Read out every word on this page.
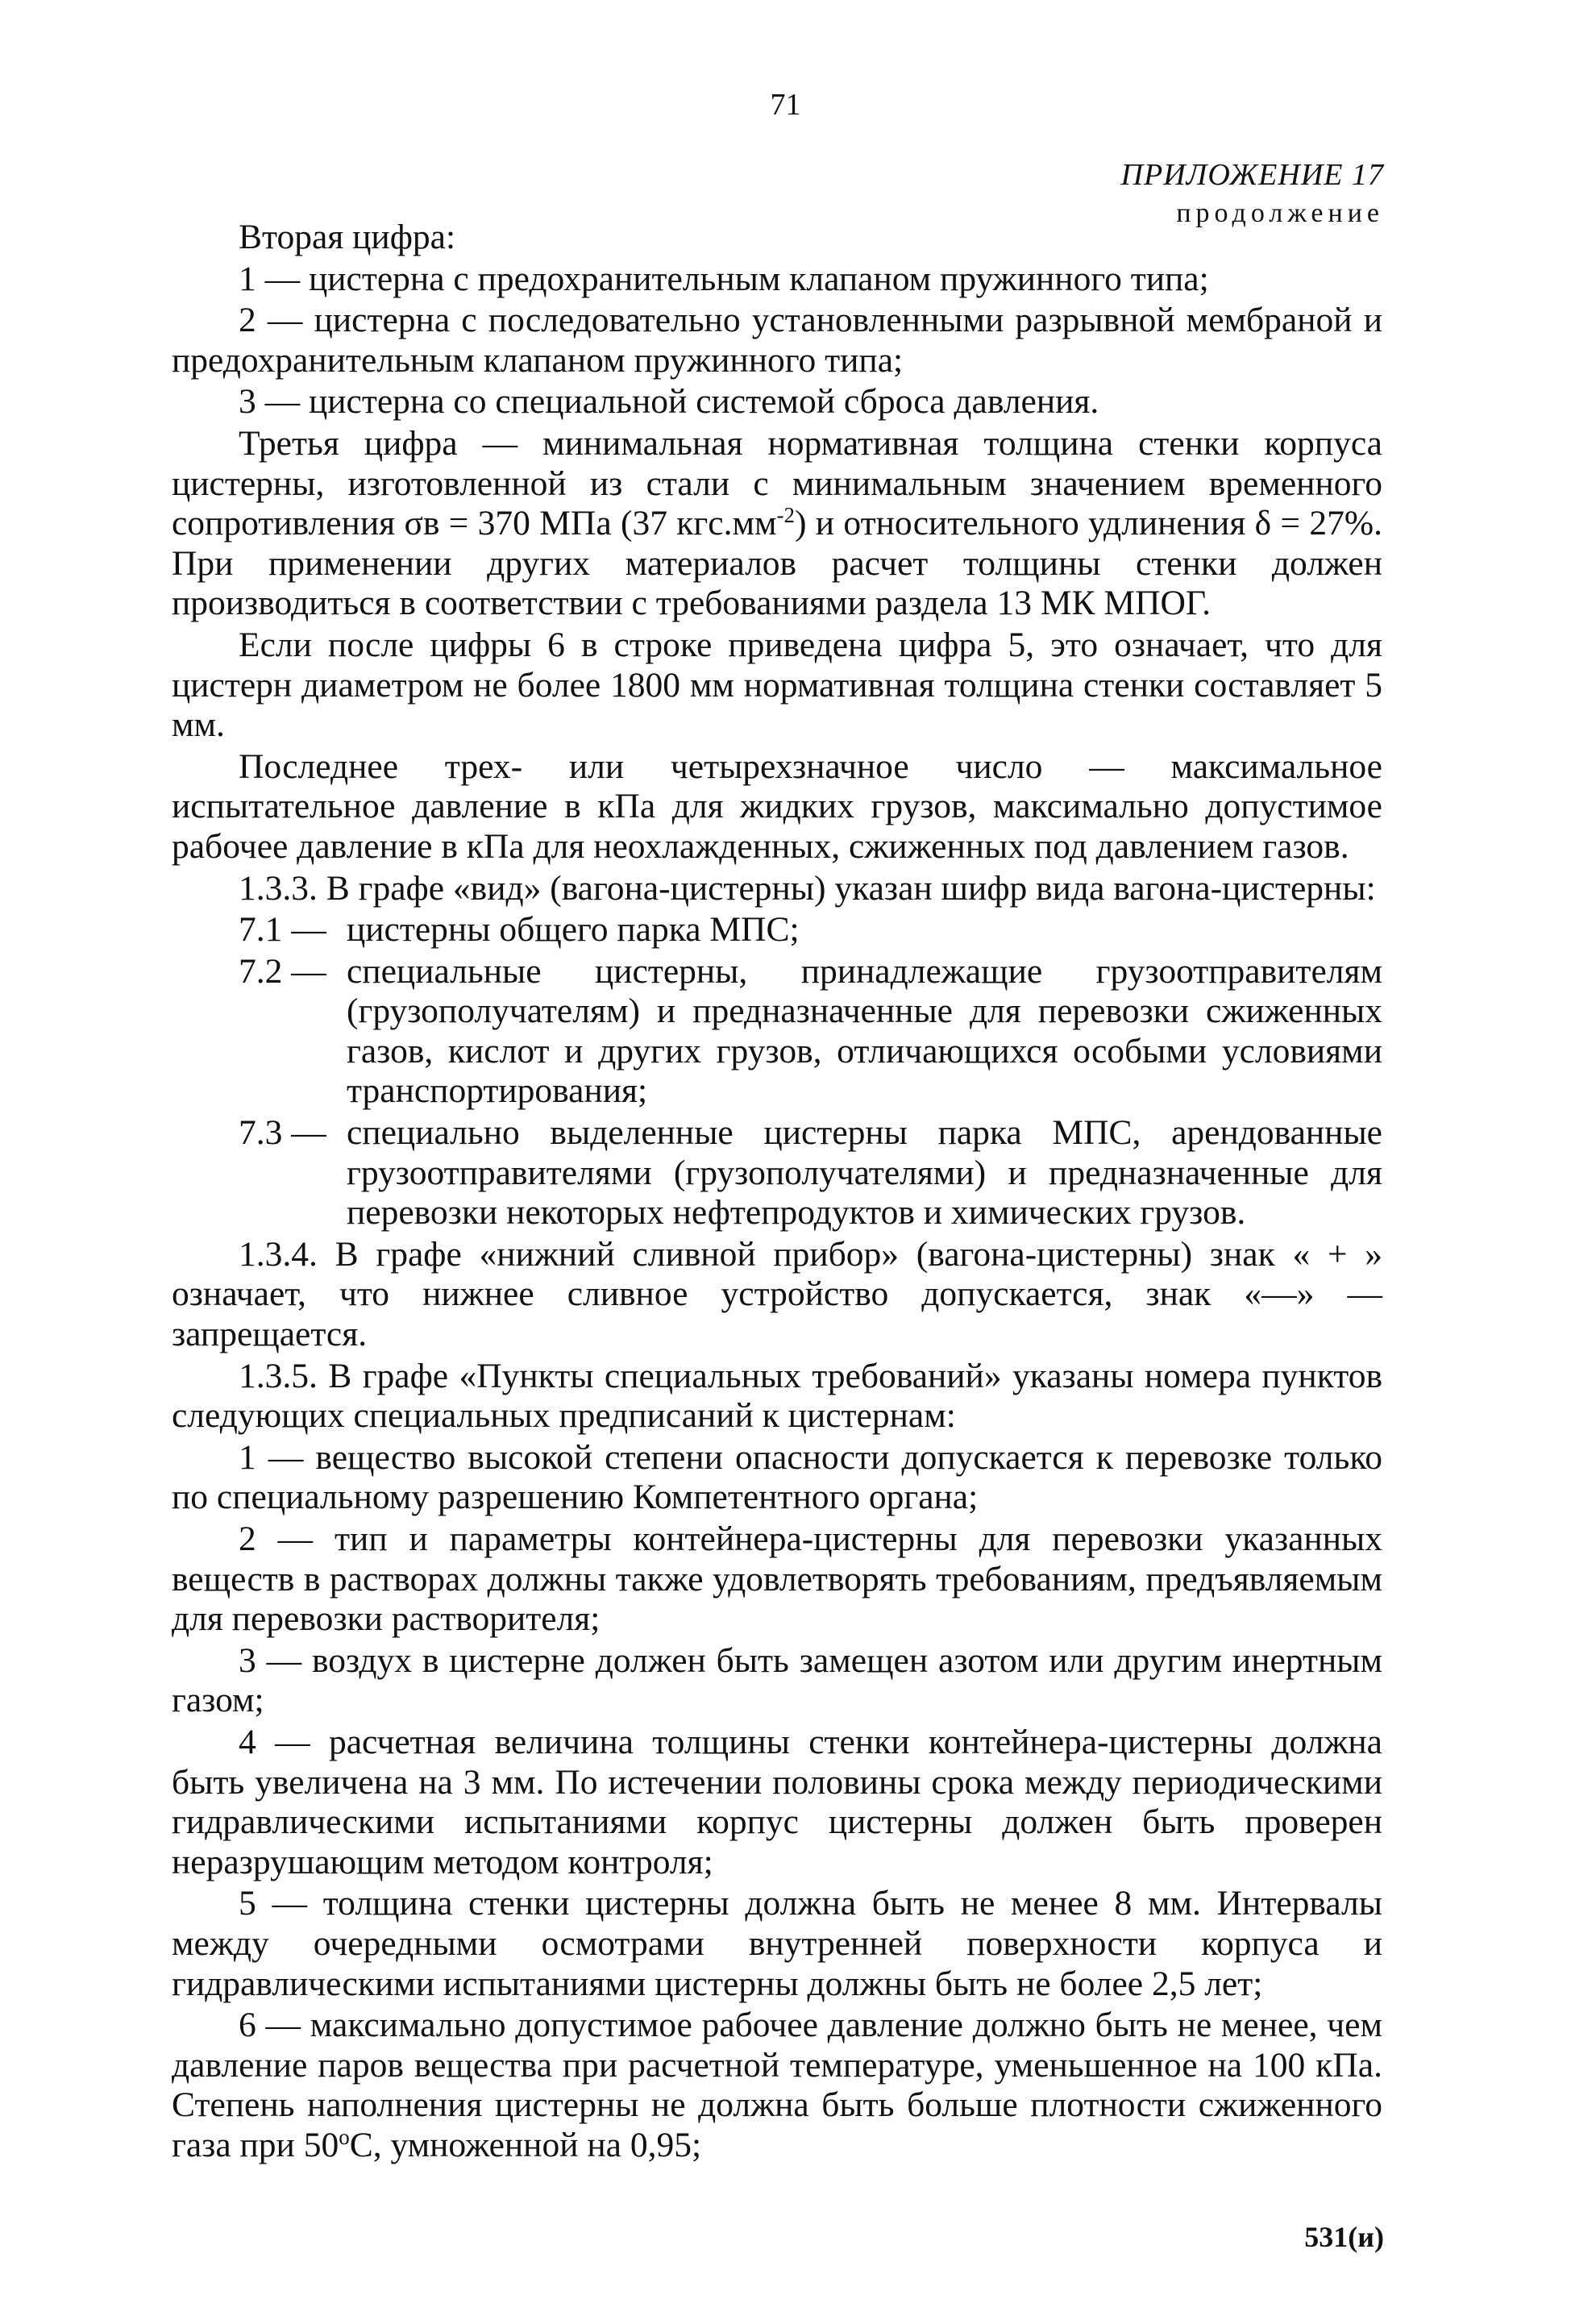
71
ПРИЛОЖЕНИЕ 17
продолжение

Вторая цифра:

1 — цистерна с предохранительным клапаном пружинного типа;

2 — цистерна с последовательно установленными разрывной мембраной и предохранительным клапаном пружинного типа;

3 — цистерна со специальной системой сброса давления.

Третья цифра — минимальная нормативная толщина стенки корпуса цистерны, изготовленной из стали с минимальным значением временного сопротивления σв = 370 МПа (37 $кгс.мм^{-2}$) и относительного удлинения δ = 27%. При применении других материалов расчет толщины стенки должен производиться в соответствии с требованиями раздела 13 МК МПОГ.

Если после цифры 6 в строке приведена цифра 5, это означает, что для цистерн диаметром не более 1800 мм нормативная толщина стенки составляет 5 мм.

Последнее трех- или четырехзначное число — максимальное испытательное давление в кПа для жидких грузов, максимально допустимое рабочее давление в кПа для неохлажденных, сжиженных под давлением газов.

1.3.3. В графе «вид» (вагона-цистерны) указан шифр вида вагона-цистерны:

7.1 — цистерны общего парка МПС;

7.2 — специальные цистерны, принадлежащие грузоотправителям (грузополучателям) и предназначенные для перевозки сжиженных газов, кислот и других грузов, отличающихся особыми условиями транспортирования;

7.3 — специально выделенные цистерны парка МПС, арендованные грузоотправителями (грузополучателями) и предназначенные для перевозки некоторых нефтепродуктов и химических грузов.

1.3.4. В графе «нижний сливной прибор» (вагона-цистерны) знак « + » означает, что нижнее сливное устройство допускается, знак «—» — запрещается.

1.3.5. В графе «Пункты специальных требований» указаны номера пунктов следующих специальных предписаний к цистернам:

1 — вещество высокой степени опасности допускается к перевозке только по специальному разрешению Компетентного органа;

2 — тип и параметры контейнера-цистерны для перевозки указанных веществ в растворах должны также удовлетворять требованиям, предъявляемым для перевозки растворителя;

3 — воздух в цистерне должен быть замещен азотом или другим инертным газом;

4 — расчетная величина толщины стенки контейнера-цистерны должна быть увеличена на 3 мм. По истечении половины срока между периодическими гидравлическими испытаниями корпус цистерны должен быть проверен неразрушающим методом контроля;

5 — толщина стенки цистерны должна быть не менее 8 мм. Интервалы между очередными осмотрами внутренней поверхности корпуса и гидравлическими испытаниями цистерны должны быть не более 2,5 лет;

6 — максимально допустимое рабочее давление должно быть не менее, чем давление паров вещества при расчетной температуре, уменьшенное на 100 кПа. Степень наполнения цистерны не должна быть больше плотности сжиженного газа при $50^оС$, умноженной на 0,95;

531(и)
